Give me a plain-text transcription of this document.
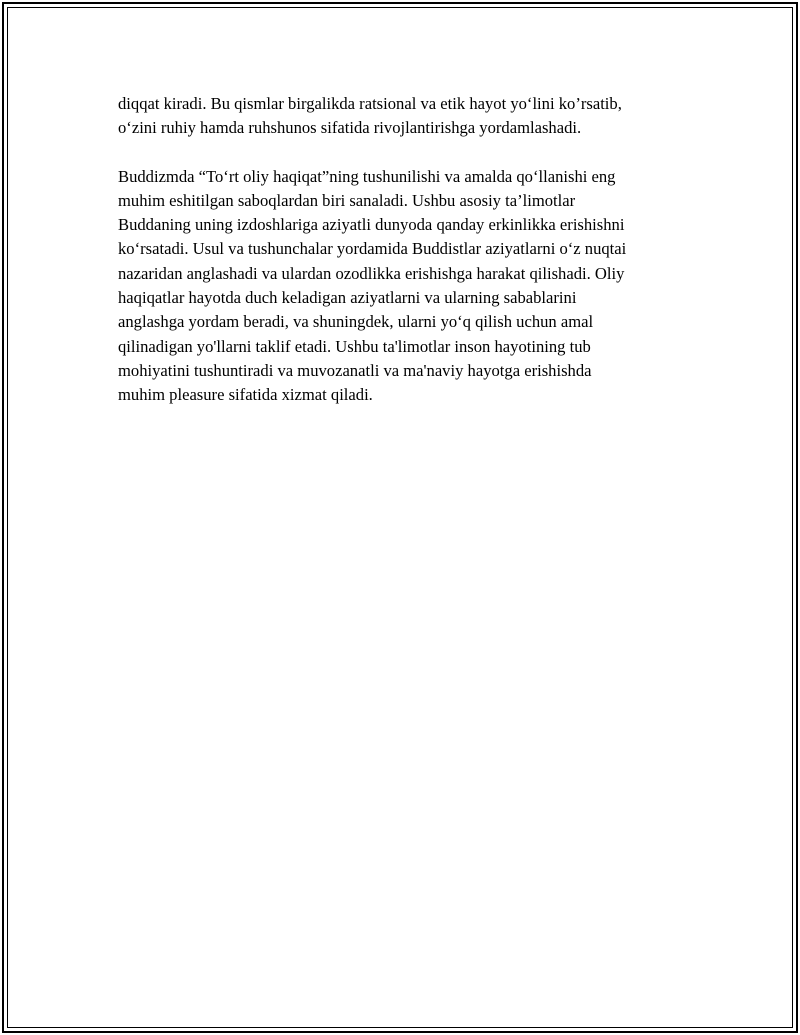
diqqat kiradi. Bu qismlar birgalikda ratsional va etik hayot yo‘lini ko’rsatib,
o‘zini ruhiy hamda ruhshunos sifatida rivojlantirishga yordamlashadi.
Buddizmda “To‘rt oliy haqiqat”ning tushunilishi va amalda qo‘llanishi eng
muhim eshitilgan saboqlardan biri sanaladi. Ushbu asosiy ta’limotlar
Buddaning uning izdoshlariga aziyatli dunyoda qanday erkinlikka erishishni
ko‘rsatadi. Usul va tushunchalar yordamida Buddistlar aziyatlarni o‘z nuqtai
nazaridan anglashadi va ulardan ozodlikka erishishga harakat qilishadi. Oliy
haqiqatlar hayotda duch keladigan aziyatlarni va ularning sabablarini
anglashga yordam beradi, va shuningdek, ularni yo‘q qilish uchun amal
qilinadigan yo'llarni taklif etadi. Ushbu ta'limotlar inson hayotining tub
mohiyatini tushuntiradi va muvozanatli va ma'naviy hayotga erishishda
muhim pleasure sifatida xizmat qiladi.
